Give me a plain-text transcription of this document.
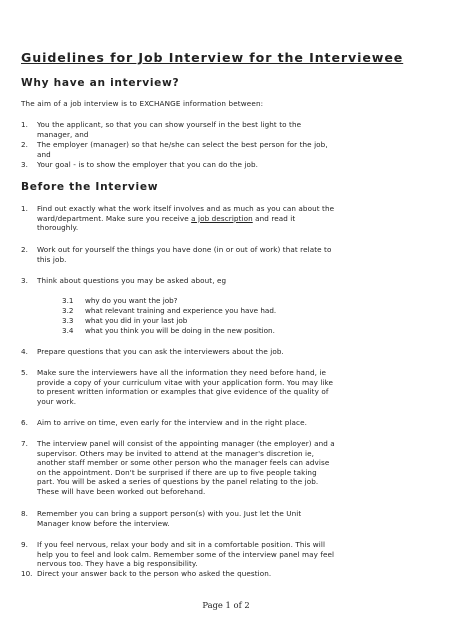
Guidelines for Job Interview for the Interviewee
Why have an interview?
The aim of a job interview is to EXCHANGE information between:
1.	You the applicant, so that you can show yourself in the best light to the
manager, and
2.	The employer (manager) so that he/she can select the best person for the job,
and
3.	Your goal - is to show the employer that you can do the job.
Before the Interview
1.	Find out exactly what the work itself involves and as much as you can about the
ward/department. Make sure you receive a job description and read it
thoroughly.
2.	Work out for yourself the things you have done (in or out of work) that relate to
this job.
3.	Think about questions you may be asked about, eg
3.1 why do you want the job?
3.2 what relevant training and experience you have had.
3.3 what you did in your last job
3.4 what you think you will be doing in the new position.
4.	Prepare questions that you can ask the interviewers about the job.
5.	Make sure the interviewers have all the information they need before hand, ie
provide a copy of your curriculum vitae with your application form. You may like
to present written information or examples that give evidence of the quality of
your work.
6.	Aim to arrive on time, even early for the interview and in the right place.
7.	The interview panel will consist of the appointing manager (the employer) and a
supervisor. Others may be invited to attend at the manager's discretion ie,
another staff member or some other person who the manager feels can advise
on the appointment. Don't be surprised if there are up to five people taking
part. You will be asked a series of questions by the panel relating to the job.
These will have been worked out beforehand.
8.	Remember you can bring a support person(s) with you. Just let the Unit
Manager know before the interview.
9.	If you feel nervous, relax your body and sit in a comfortable position. This will
help you to feel and look calm. Remember some of the interview panel may feel
nervous too. They have a big responsibility.
10. Direct your answer back to the person who asked the question.
Page 1 of 2
